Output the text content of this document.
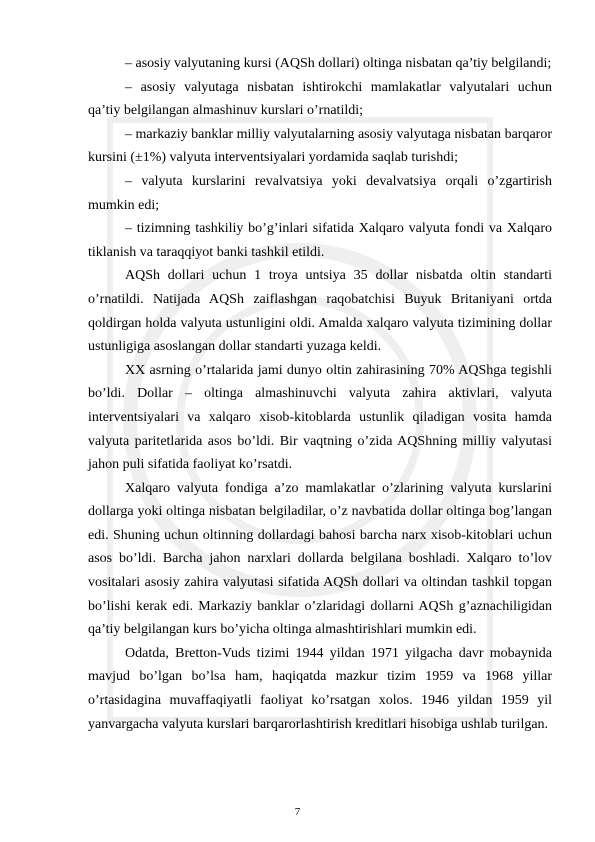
– asosiy valyutaning kursi (AQSh dollari) oltinga nisbatan qa’tiy belgilandi;

– asosiy valyutaga nisbatan ishtirokchi mamlakatlar valyutalari uchun qa’tiy belgilangan almashinuv kurslari o’rnatildi;

– markaziy banklar milliy valyutalarning asosiy valyutaga nisbatan barqaror kursini (±1%) valyuta interventsiyalari yordamida saqlab turishdi;

– valyuta kurslarini revalvatsiya yoki devalvatsiya orqali o’zgartirish mumkin edi;

– tizimning tashkiliy bo’g’inlari sifatida Xalqaro valyuta fondi va Xalqaro tiklanish va taraqqiyot banki tashkil etildi.

AQSh dollari uchun 1 troya untsiya 35 dollar nisbatda oltin standarti o’rnatildi. Natijada AQSh zaiflashgan raqobatchisi Buyuk Britaniyani ortda qoldirgan holda valyuta ustunligini oldi. Amalda xalqaro valyuta tizimining dollar ustunligiga asoslangan dollar standarti yuzaga keldi.

XX asrning o’rtalarida jami dunyo oltin zahirasining 70% AQShga tegishli bo’ldi. Dollar – oltinga almashinuvchi valyuta zahira aktivlari, valyuta interventsiyalari va xalqaro xisob-kitoblarda ustunlik qiladigan vosita hamda valyuta paritetlarida asos bo’ldi. Bir vaqtning o’zida AQShning milliy valyutasi jahon puli sifatida faoliyat ko’rsatdi.

Xalqaro valyuta fondiga a’zo mamlakatlar o’zlarining valyuta kurslarini dollarga yoki oltinga nisbatan belgiladilar, o’z navbatida dollar oltinga bog’langan edi. Shuning uchun oltinning dollardagi bahosi barcha narx xisob-kitoblari uchun asos bo’ldi. Barcha jahon narxlari dollarda belgilana boshladi. Xalqaro to’lov vositalari asosiy zahira valyutasi sifatida AQSh dollari va oltindan tashkil topgan bo’lishi kerak edi. Markaziy banklar o’zlaridagi dollarni AQSh g’aznachiligidan qa’tiy belgilangan kurs bo’yicha oltinga almashtirishlari mumkin edi.

Odatda, Bretton-Vuds tizimi 1944 yildan 1971 yilgacha davr mobaynida mavjud bo’lgan bo’lsa ham, haqiqatda mazkur tizim 1959 va 1968 yillar o’rtasidagina muvaffaqiyatli faoliyat ko’rsatgan xolos. 1946 yildan 1959 yil yanvargacha valyuta kurslari barqarorlashtirish kreditlari hisobiga ushlab turilgan.

7
